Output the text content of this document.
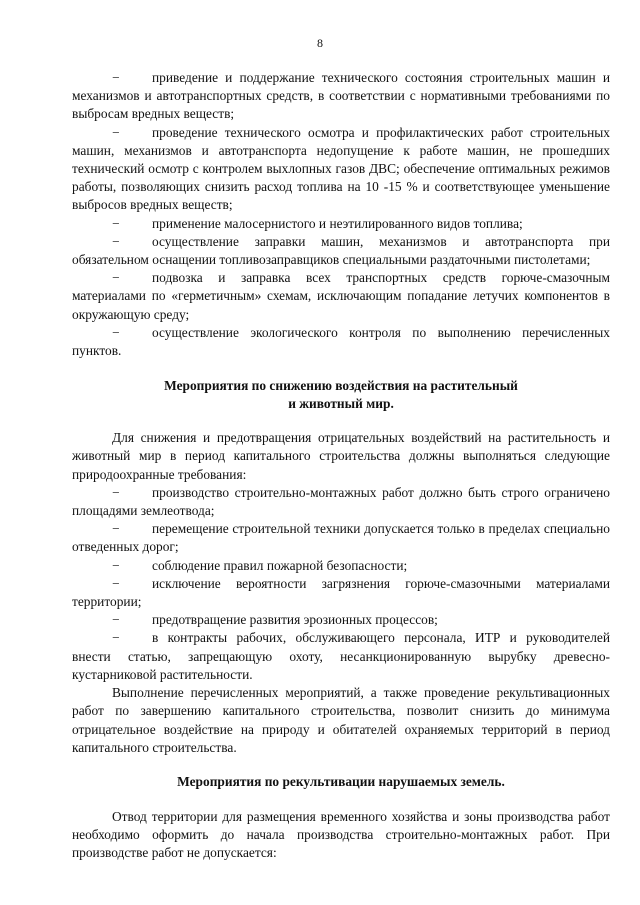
8

− приведение и поддержание технического состояния строительных машин и механизмов и автотранспортных средств, в соответствии с нормативными требованиями по выбросам вредных веществ;

− проведение технического осмотра и профилактических работ строительных машин, механизмов и автотранспорта недопущение к работе машин, не прошедших технический осмотр с контролем выхлопных газов ДВС; обеспечение оптимальных режимов работы, позволяющих снизить расход топлива на 10 -15 % и соответствующее уменьшение выбросов вредных веществ;

− применение малосернистого и неэтилированного видов топлива;

− осуществление заправки машин, механизмов и автотранспорта при обязательном оснащении топливозаправщиков специальными раздаточными пистолетами;

− подвозка и заправка всех транспортных средств горюче-смазочным материалами по «герметичным» схемам, исключающим попадание летучих компонентов в окружающую среду;

− осуществление экологического контроля по выполнению перечисленных пунктов.

Мероприятия по снижению воздействия на растительный
и животный мир.

Для снижения и предотвращения отрицательных воздействий на растительность и животный мир в период капитального строительства должны выполняться следующие природоохранные требования:

− производство строительно-монтажных работ должно быть строго ограничено площадями землеотвода;

− перемещение строительной техники допускается только в пределах специально отведенных дорог;

− соблюдение правил пожарной безопасности;

− исключение вероятности загрязнения горюче-смазочными материалами территории;

− предотвращение развития эрозионных процессов;

− в контракты рабочих, обслуживающего персонала, ИТР и руководителей внести статью, запрещающую охоту, несанкционированную вырубку древесно-кустарниковой растительности.

Выполнение перечисленных мероприятий, а также проведение рекультивационных работ по завершению капитального строительства, позволит снизить до минимума отрицательное воздействие на природу и обитателей охраняемых территорий в период капитального строительства.

Мероприятия по рекультивации нарушаемых земель.

Отвод территории для размещения временного хозяйства и зоны производства работ необходимо оформить до начала производства строительно-монтажных работ. При производстве работ не допускается:
